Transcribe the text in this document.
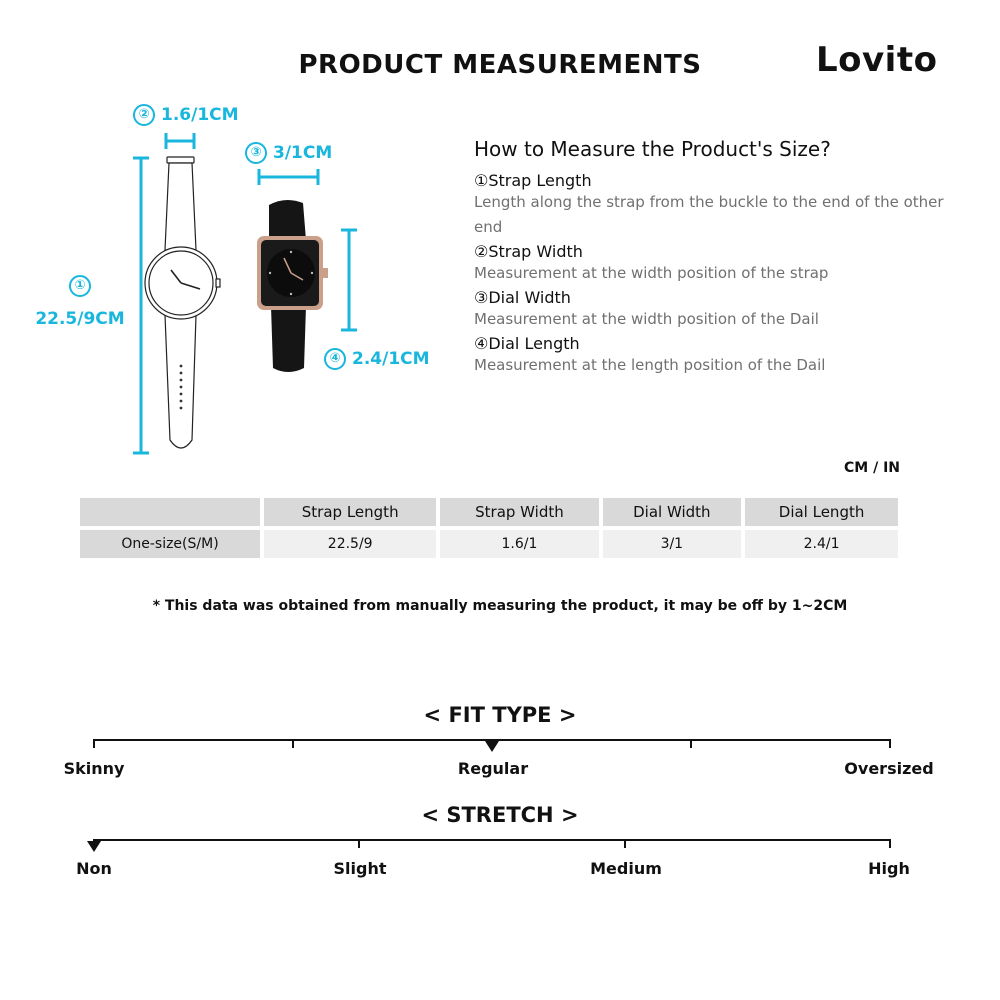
PRODUCT MEASUREMENTS	Lovito
② 1.6/1CM
③ 3/1CM
①
22.5/9CM
④ 2.4/1CM
How to Measure the Product's Size?
①Strap Length
Length along the strap from the buckle to the end of the other end
②Strap Width
Measurement at the width position of the strap
③Dial Width
Measurement at the width position of the Dail
④Dial Length
Measurement at the length position of the Dail
CM / IN
	Strap Length	Strap Width	Dial Width	Dial Length
One-size(S/M)	22.5/9	1.6/1	3/1	2.4/1
* This data was obtained from manually measuring the product, it may be off by 1~2CM
< FIT TYPE >
Skinny	Regular	Oversized
< STRETCH >
Non	Slight	Medium	High
